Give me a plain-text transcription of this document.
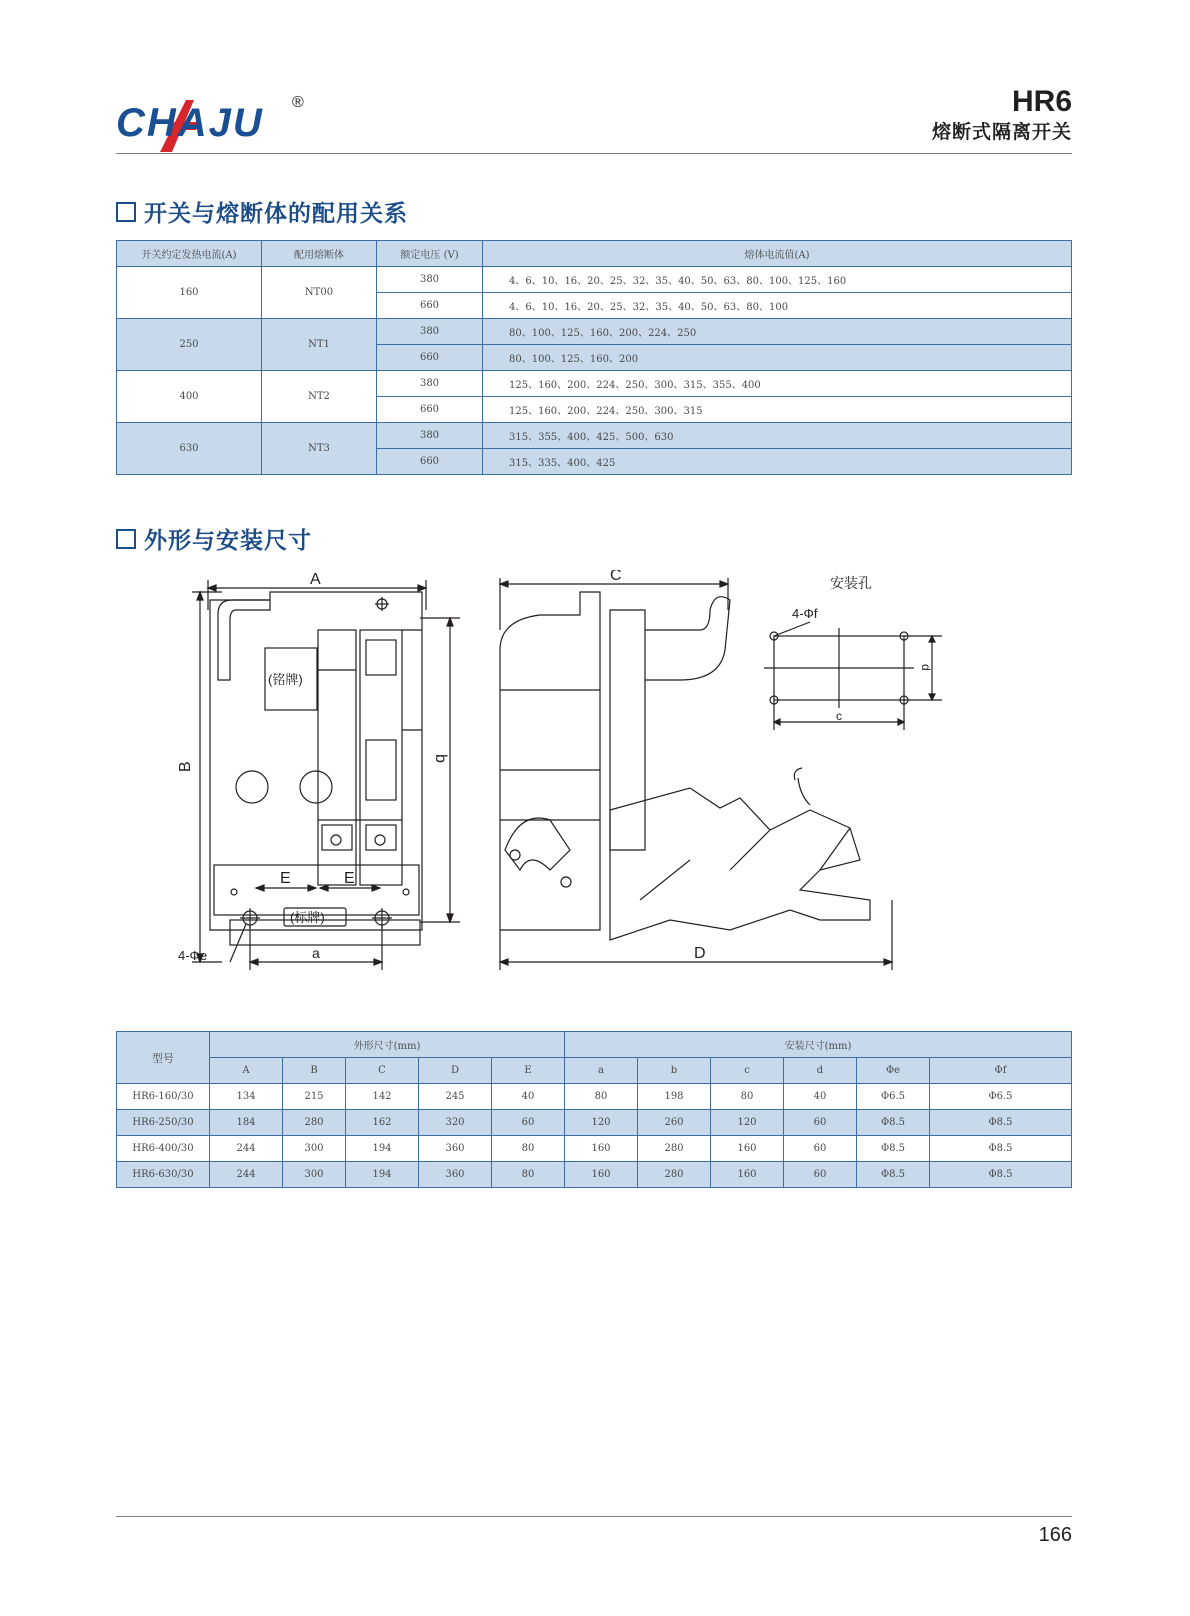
CHAJU ®	HR6
熔断式隔离开关
开关与熔断体的配用关系
开关约定发热电流(A)	配用熔断体	额定电压 (V)	熔体电流值(A)
160	NT00	380	4、6、10、16、20、25、32、35、40、50、63、80、100、125、160
		660	4、6、10、16、20、25、32、35、40、50、63、80、100
250	NT1	380	80、100、125、160、200、224、250
		660	80、100、125、160、200
400	NT2	380	125、160、200、224、250、300、315、355、400
		660	125、160、200、224、250、300、315
630	NT3	380	315、355、400、425、500、630
		660	315、335、400、425
外形与安装尺寸
A
B
b
(铭牌)
E	E
(标牌)
a
4-Φe
C
D
安装孔
4-Φf
d
c
型号	外形尺寸(mm)					安装尺寸(mm)					
	A	B	C	D	E	a	b	c	d	Φe	Φf
HR6-160/30	134	215	142	245	40	80	198	80	40	Φ6.5	Φ6.5
HR6-250/30	184	280	162	320	60	120	260	120	60	Φ8.5	Φ8.5
HR6-400/30	244	300	194	360	80	160	280	160	60	Φ8.5	Φ8.5
HR6-630/30	244	300	194	360	80	160	280	160	60	Φ8.5	Φ8.5
166
